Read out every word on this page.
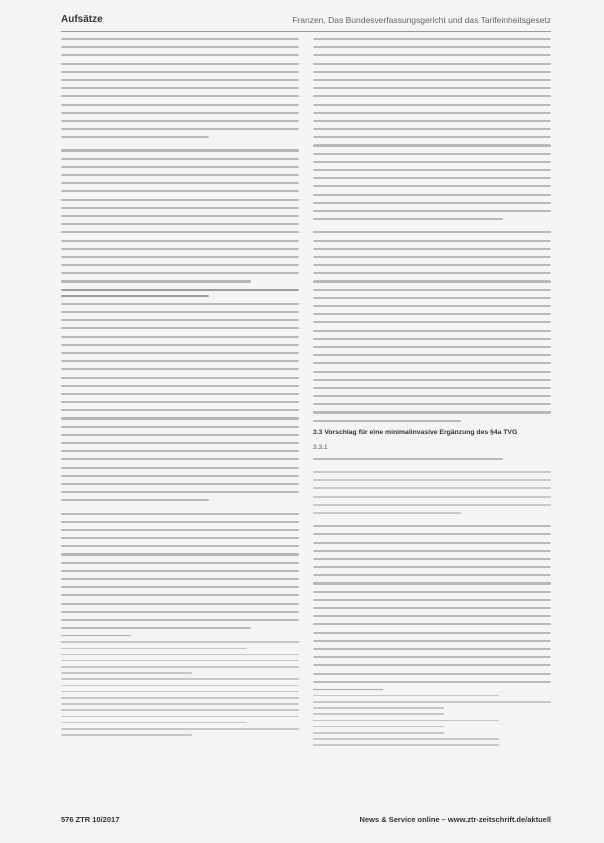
Aufsätze	Franzen, Das Bundesverfassungsgericht und das Tarifeinheitsgesetz
3.3 Vorschlag für eine minimalinvasive Ergänzung des §4a TVG
3.3.1
576 ZTR 10/2017	News & Service online – www.ztr-zeitschrift.de/aktuell
